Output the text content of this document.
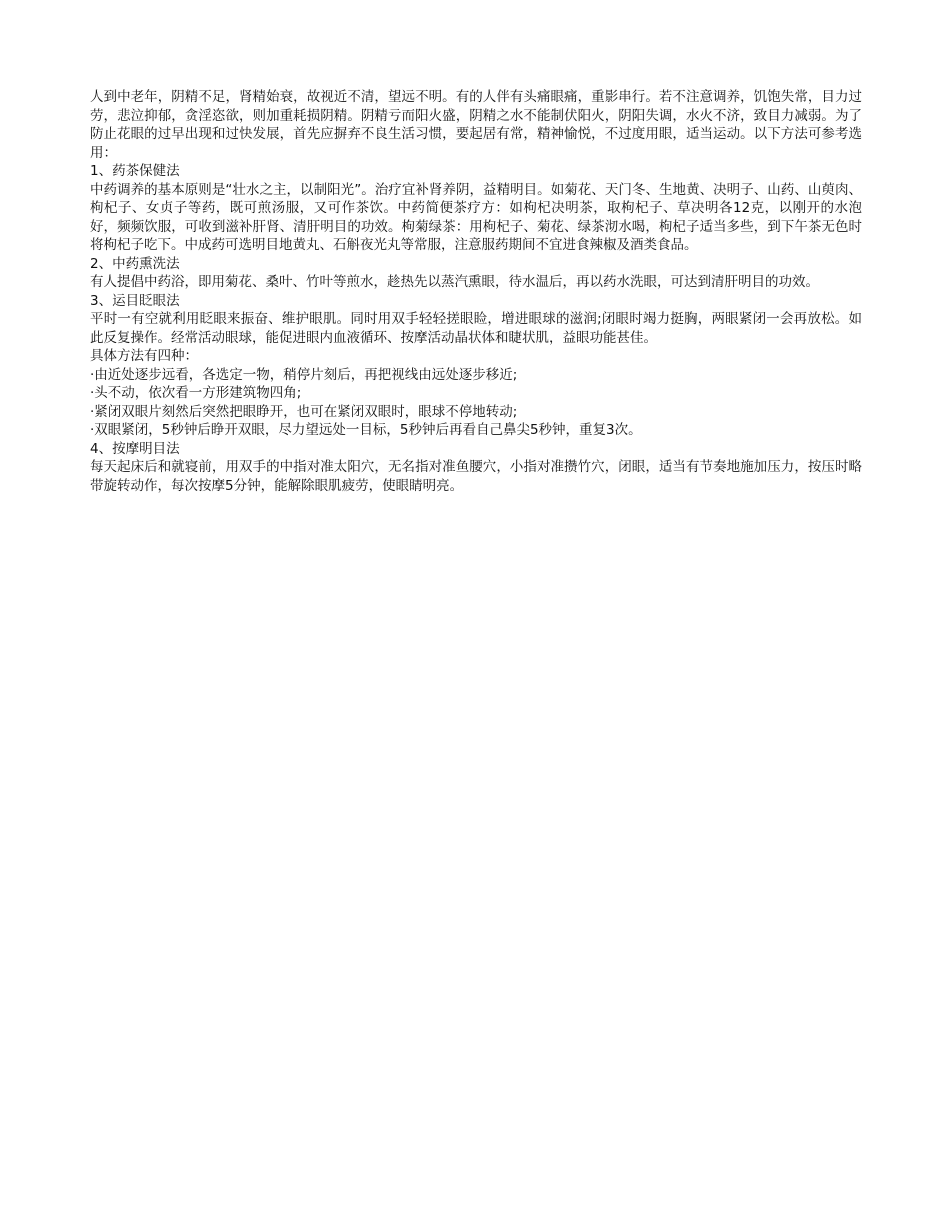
人到中老年，阴精不足，肾精始衰，故视近不清，望远不明。有的人伴有头痛眼痛，重影串行。若不注意调养，饥饱失常，目力过劳，悲泣抑郁，贪淫恣欲，则加重耗损阴精。阴精亏而阳火盛，阴精之水不能制伏阳火，阴阳失调，水火不济，致目力减弱。为了防止花眼的过早出现和过快发展，首先应摒弃不良生活习惯，要起居有常，精神愉悦，不过度用眼，适当运动。以下方法可参考选用：

1、药茶保健法

中药调养的基本原则是“壮水之主，以制阳光”。治疗宜补肾养阴，益精明目。如菊花、天门冬、生地黄、决明子、山药、山萸肉、枸杞子、女贞子等药，既可煎汤服，又可作茶饮。中药简便茶疗方：如枸杞决明茶，取枸杞子、草决明各12克，以刚开的水泡好，频频饮服，可收到滋补肝肾、清肝明目的功效。枸菊绿茶：用枸杞子、菊花、绿茶沏水喝，枸杞子适当多些，到下午茶无色时将枸杞子吃下。中成药可选明目地黄丸、石斛夜光丸等常服，注意服药期间不宜进食辣椒及酒类食品。

2、中药熏洗法

有人提倡中药浴，即用菊花、桑叶、竹叶等煎水，趁热先以蒸汽熏眼，待水温后，再以药水洗眼，可达到清肝明目的功效。

3、运目眨眼法

平时一有空就利用眨眼来振奋、维护眼肌。同时用双手轻轻搓眼睑，增进眼球的滋润;闭眼时竭力挺胸，两眼紧闭一会再放松。如此反复操作。经常活动眼球，能促进眼内血液循环、按摩活动晶状体和睫状肌，益眼功能甚佳。

具体方法有四种：

·由近处逐步远看，各选定一物，稍停片刻后，再把视线由远处逐步移近;

·头不动，依次看一方形建筑物四角;

·紧闭双眼片刻然后突然把眼睁开，也可在紧闭双眼时，眼球不停地转动;

·双眼紧闭，5秒钟后睁开双眼，尽力望远处一目标，5秒钟后再看自己鼻尖5秒钟，重复3次。

4、按摩明目法

每天起床后和就寝前，用双手的中指对准太阳穴，无名指对准鱼腰穴，小指对准攒竹穴，闭眼，适当有节奏地施加压力，按压时略带旋转动作，每次按摩5分钟，能解除眼肌疲劳，使眼睛明亮。
